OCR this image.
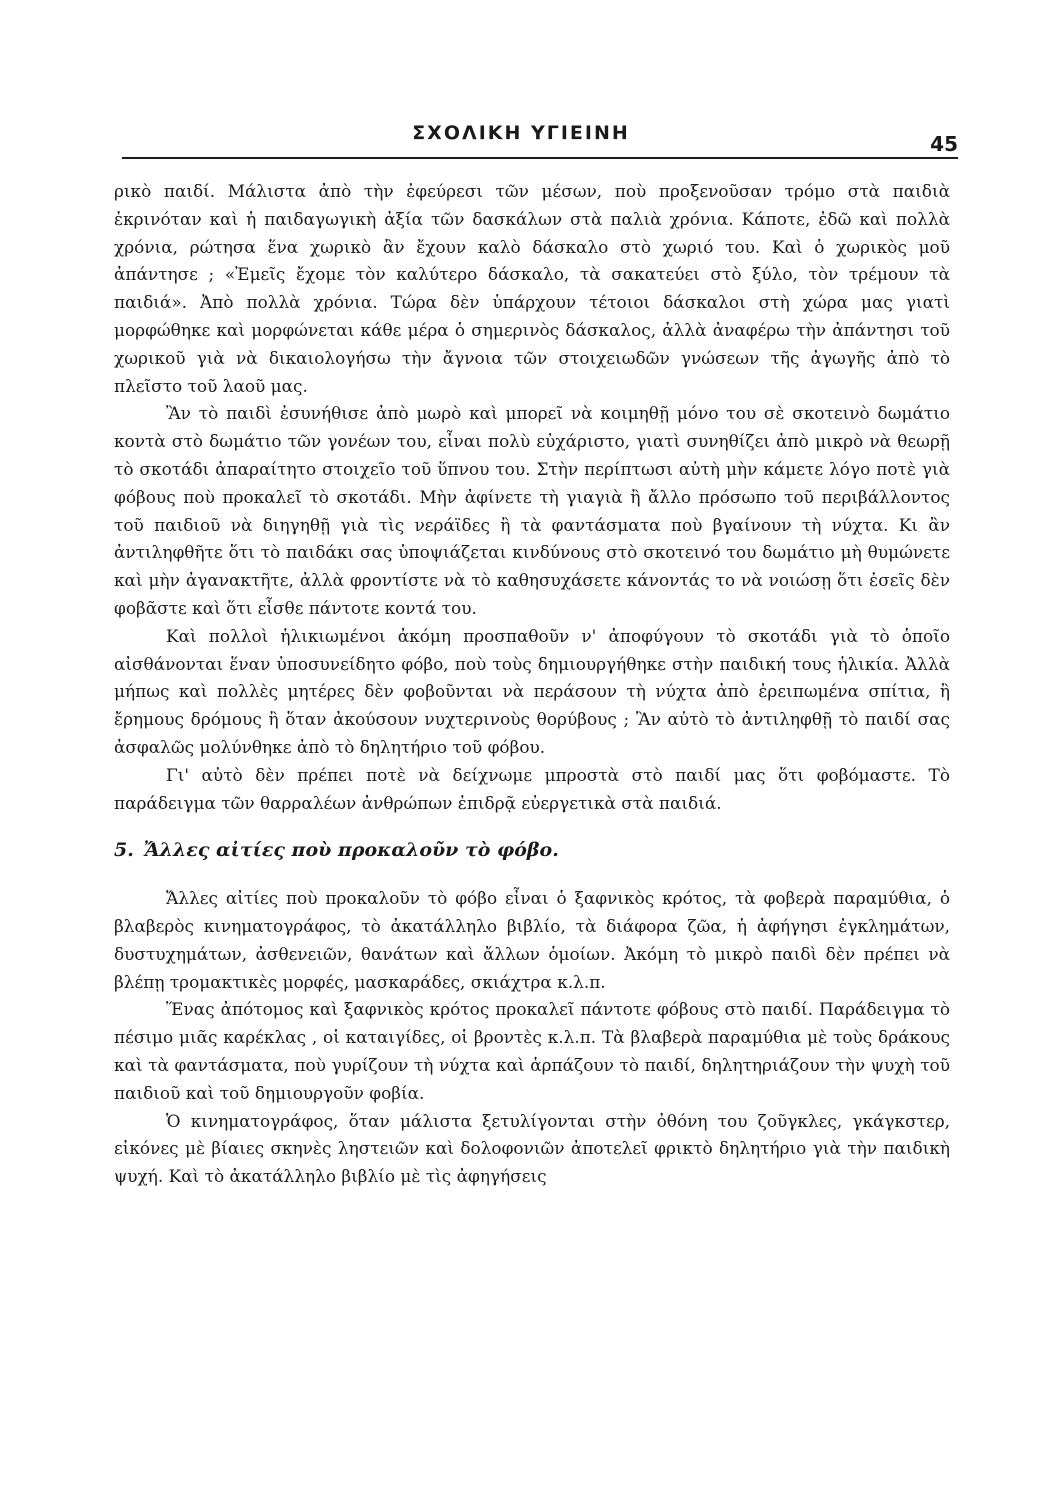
ΣΧΟΛΙΚΗ ΥΓΙΕΙΝΗ	45

ρικὸ παιδί. Μάλιστα ἀπὸ τὴν ἐφεύρεσι τῶν μέσων, ποὺ προξενοῦσαν τρόμο στὰ παιδιὰ ἐκρινόταν καὶ ἡ παιδαγωγικὴ ἀξία τῶν δασκάλων στὰ παλιὰ χρόνια. Κάποτε, ἐδῶ καὶ πολλὰ χρόνια, ρώτησα ἕνα χωρικὸ ἂν ἔχουν καλὸ δάσκαλο στὸ χωριό του. Καὶ ὁ χωρικὸς μοῦ ἀπάντησε ; «Ἐμεῖς ἔχομε τὸν καλύτερο δάσκαλο, τὰ σακατεύει στὸ ξύλο, τὸν τρέμουν τὰ παιδιά». Ἀπὸ πολλὰ χρόνια. Τώρα δὲν ὑπάρχουν τέτοιοι δάσκαλοι στὴ χώρα μας γιατὶ μορφώθηκε καὶ μορφώνεται κάθε μέρα ὁ σημερινὸς δάσκαλος, ἀλλὰ ἀναφέρω τὴν ἀπάντησι τοῦ χωρικοῦ γιὰ νὰ δικαιολογήσω τὴν ἄγνοια τῶν στοιχειωδῶν γνώσεων τῆς ἀγωγῆς ἀπὸ τὸ πλεῖστο τοῦ λαοῦ μας.

Ἂν τὸ παιδὶ ἐσυνήθισε ἀπὸ μωρὸ καὶ μπορεῖ νὰ κοιμηθῇ μόνο του σὲ σκοτεινὸ δωμάτιο κοντὰ στὸ δωμάτιο τῶν γονέων του, εἶναι πολὺ εὐχάριστο, γιατὶ συνηθίζει ἀπὸ μικρὸ νὰ θεωρῇ τὸ σκοτάδι ἀπαραίτητο στοιχεῖο τοῦ ὕπνου του. Στὴν περίπτωσι αὐτὴ μὴν κάμετε λόγο ποτὲ γιὰ φόβους ποὺ προκαλεῖ τὸ σκοτάδι. Μὴν ἀφίνετε τὴ γιαγιὰ ἢ ἄλλο πρόσωπο τοῦ περιβάλλοντος τοῦ παιδιοῦ νὰ διηγηθῇ γιὰ τὶς νεράϊδες ἢ τὰ φαντάσματα ποὺ βγαίνουν τὴ νύχτα. Κι ἂν ἀντιληφθῆτε ὅτι τὸ παιδάκι σας ὑποψιάζεται κινδύνους στὸ σκοτεινό του δωμάτιο μὴ θυμώνετε καὶ μὴν ἀγανακτῆτε, ἀλλὰ φροντίστε νὰ τὸ καθησυχάσετε κάνοντάς το νὰ νοιώσῃ ὅτι ἐσεῖς δὲν φοβᾶστε καὶ ὅτι εἶσθε πάντοτε κοντά του.

Καὶ πολλοὶ ἡλικιωμένοι ἀκόμη προσπαθοῦν ν' ἀποφύγουν τὸ σκοτάδι γιὰ τὸ ὁποῖο αἰσθάνονται ἕναν ὑποσυνείδητο φόβο, ποὺ τοὺς δημιουργήθηκε στὴν παιδική τους ἡλικία. Ἀλλὰ μήπως καὶ πολλὲς μητέρες δὲν φοβοῦνται νὰ περάσουν τὴ νύχτα ἀπὸ ἐρειπωμένα σπίτια, ἢ ἔρημους δρόμους ἢ ὅταν ἀκούσουν νυχτερινοὺς θορύβους ; Ἂν αὐτὸ τὸ ἀντιληφθῇ τὸ παιδί σας ἀσφαλῶς μολύνθηκε ἀπὸ τὸ δηλητήριο τοῦ φόβου.

Γι' αὐτὸ δὲν πρέπει ποτὲ νὰ δείχνωμε μπροστὰ στὸ παιδί μας ὅτι φοβόμαστε. Τὸ παράδειγμα τῶν θαρραλέων ἀνθρώπων ἐπιδρᾷ εὐεργετικὰ στὰ παιδιά.

5. Ἄλλες αἰτίες ποὺ προκαλοῦν τὸ φόβο.

Ἄλλες αἰτίες ποὺ προκαλοῦν τὸ φόβο εἶναι ὁ ξαφνικὸς κρότος, τὰ φοβερὰ παραμύθια, ὁ βλαβερὸς κινηματογράφος, τὸ ἀκατάλληλο βιβλίο, τὰ διάφορα ζῶα, ἡ ἀφήγησι ἐγκλημάτων, δυστυχημάτων, ἀσθενειῶν, θανάτων καὶ ἄλλων ὁμοίων. Ἀκόμη τὸ μικρὸ παιδὶ δὲν πρέπει νὰ βλέπῃ τρομακτικὲς μορφές, μασκαράδες, σκιάχτρα κ.λ.π.

Ἕνας ἀπότομος καὶ ξαφνικὸς κρότος προκαλεῖ πάντοτε φόβους στὸ παιδί. Παράδειγμα τὸ πέσιμο μιᾶς καρέκλας , οἱ καταιγίδες, οἱ βροντὲς κ.λ.π. Τὰ βλαβερὰ παραμύθια μὲ τοὺς δράκους καὶ τὰ φαντάσματα, ποὺ γυρίζουν τὴ νύχτα καὶ ἁρπάζουν τὸ παιδί, δηλητηριάζουν τὴν ψυχὴ τοῦ παιδιοῦ καὶ τοῦ δημιουργοῦν φοβία.

Ὁ κινηματογράφος, ὅταν μάλιστα ξετυλίγονται στὴν ὀθόνη του ζοῦγκλες, γκάγκστερ, εἰκόνες μὲ βίαιες σκηνὲς ληστειῶν καὶ δολοφονιῶν ἀποτελεῖ φρικτὸ δηλητήριο γιὰ τὴν παιδικὴ ψυχή. Καὶ τὸ ἀκατάλληλο βιβλίο μὲ τὶς ἀφηγήσεις
